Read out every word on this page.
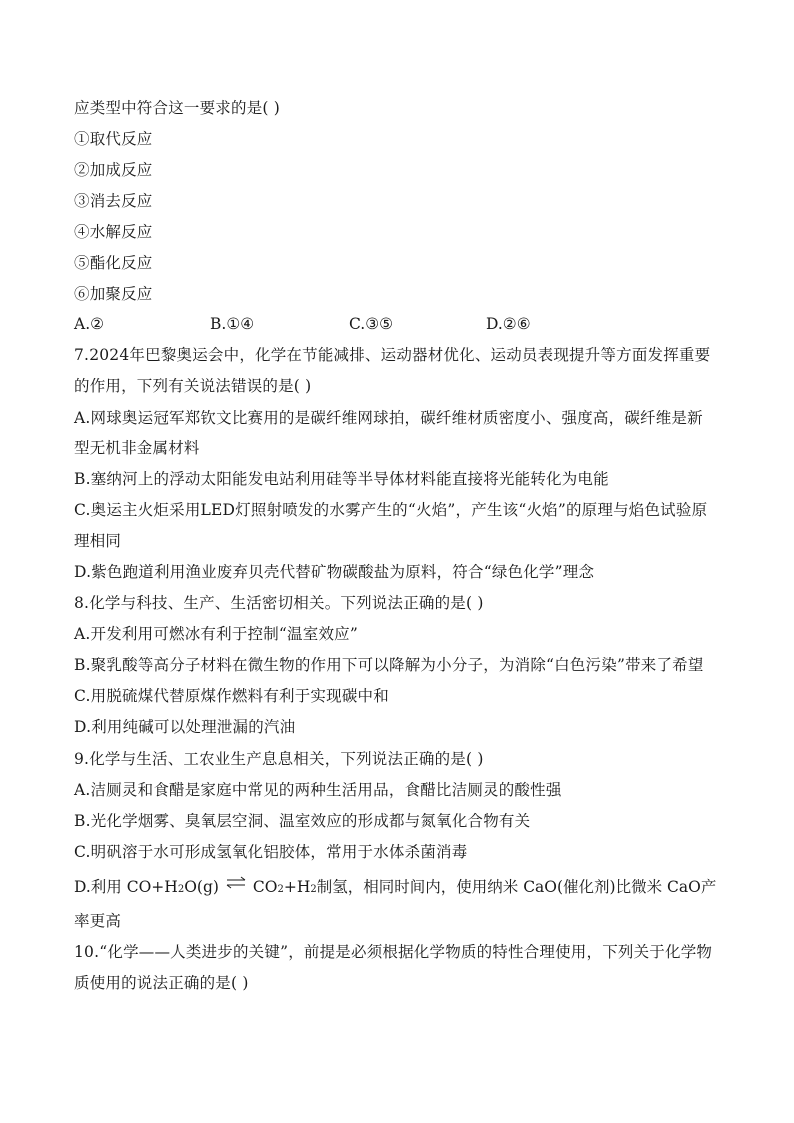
应类型中符合这一要求的是( )
①取代反应
②加成反应
③消去反应
④水解反应
⑤酯化反应
⑥加聚反应
A.②	B.①④	C.③⑤	D.②⑥
7.2024年巴黎奥运会中，化学在节能减排、运动器材优化、运动员表现提升等方面发挥重要
的作用，下列有关说法错误的是( )
A.网球奥运冠军郑钦文比赛用的是碳纤维网球拍，碳纤维材质密度小、强度高，碳纤维是新
型无机非金属材料
B.塞纳河上的浮动太阳能发电站利用硅等半导体材料能直接将光能转化为电能
C.奥运主火炬采用LED灯照射喷发的水雾产生的“火焰”，产生该“火焰”的原理与焰色试验原
理相同
D.紫色跑道利用渔业废弃贝壳代替矿物碳酸盐为原料，符合“绿色化学”理念
8.化学与科技、生产、生活密切相关。下列说法正确的是( )
A.开发利用可燃冰有利于控制“温室效应”
B.聚乳酸等高分子材料在微生物的作用下可以降解为小分子，为消除“白色污染”带来了希望
C.用脱硫煤代替原煤作燃料有利于实现碳中和
D.利用纯碱可以处理泄漏的汽油
9.化学与生活、工农业生产息息相关，下列说法正确的是( )
A.洁厕灵和食醋是家庭中常见的两种生活用品，食醋比洁厕灵的酸性强
B.光化学烟雾、臭氧层空洞、温室效应的形成都与氮氧化合物有关
C.明矾溶于水可形成氢氧化铝胶体，常用于水体杀菌消毒
D.利用 CO+H2O(g) ⇌ CO2+H2制氢，相同时间内，使用纳米 CaO(催化剂)比微米 CaO产
率更高
10.“化学——人类进步的关键”，前提是必须根据化学物质的特性合理使用，下列关于化学物
质使用的说法正确的是( )
